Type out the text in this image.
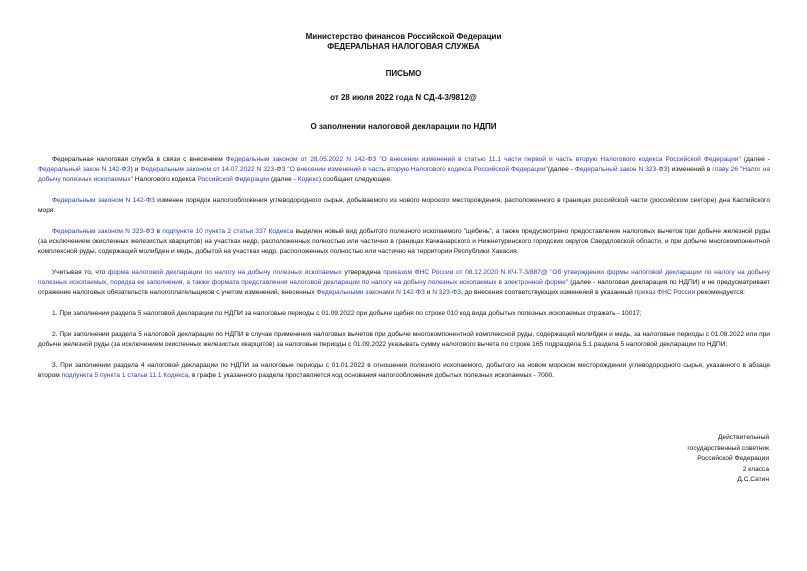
Министерство финансов Российской Федерации
ФЕДЕРАЛЬНАЯ НАЛОГОВАЯ СЛУЖБА
ПИСЬМО
от 28 июля 2022 года N СД-4-3/9812@
О заполнении налоговой декларации по НДПИ

Федеральная налоговая служба в связи с внесением Федеральным законом от 28.05.2022 N 142-ФЗ "О внесении изменений в статью 11.1 части первой и часть вторую Налогового кодекса Российской Федерации" (далее - Федеральный закон N 142-ФЗ) и Федеральным законом от 14.07.2022 N 323-ФЗ "О внесении изменений в часть вторую Налогового кодекса Российской Федерации"(далее - Федеральный закон N 323-ФЗ) изменений в главу 26 "Налог на добычу полезных ископаемых" Налогового кодекса Российской Федерации (далее - Кодекс) сообщает следующее.

Федеральным законом N 142-ФЗ изменен порядок налогообложения углеводородного сырья, добываемого из нового морского месторождения, расположенного в границах российской части (российском секторе) дна Каспийского моря.

Федеральным законом N 323-ФЗ в подпункте 10 пункта 2 статьи 337 Кодекса выделен новый вид добытого полезного ископаемого "щебень", а также предусмотрено предоставление налоговых вычетов при добыче железной руды (за исключением окисленных железистых кварцитов) на участках недр, расположенных полностью или частично в границах Качканарского и Нижнетуринского городских округов Свердловской области, и при добыче многокомпонентной комплексной руды, содержащей молибден и медь, добытой на участках недр, расположенных полностью или частично на территории Республики Хакасия.

Учитывая то, что форма налоговой декларации по налогу на добычу полезных ископаемых утверждена приказом ФНС России от 08.12.2020 N КЧ-7-3/887@ "Об утверждении формы налоговой декларации по налогу на добычу полезных ископаемых, порядка ее заполнения, а также формата представления налоговой декларации по налогу на добычу полезных ископаемых в электронной форме" (далее - налоговая декларация по НДПИ) и не предусматривает отражение налоговых обязательств налогоплательщиков с учетом изменений, внесенных Федеральными законами N 142-ФЗ и N 323-ФЗ, до внесения соответствующих изменений в указанный приказ ФНС России рекомендуется:

1. При заполнении раздела 5 налоговой декларации по НДПИ за налоговые периоды с 01.09.2022 при добыче щебня по строке 010 код вида добытых полезных ископаемых отражать - 10017;

2. При заполнении раздела 5 налоговой декларации по НДПИ в случае применения налоговых вычетов при добыче многокомпонентной комплексной руды, содержащей молибден и медь, за налоговые периоды с 01.08.2022 или при добыче железной руды (за исключением окисленных железистых кварцитов) за налоговые периоды с 01.09.2022 указывать сумму налогового вычета по строке 165 подраздела 5.1 раздела 5 налоговой декларации по НДПИ;

3. При заполнении раздела 4 налоговой декларации по НДПИ за налоговые периоды с 01.01.2022 в отношении полезного ископаемого, добытого на новом морском месторождении углеводородного сырья, указанного в абзаце втором подпункта 5 пункта 1 статьи 11.1 Кодекса, в графе 1 указанного раздела проставляется код основания налогообложения добытых полезных ископаемых - 7000.

Действительный
государственный советник
Российской Федерации
2 класса
Д.С.Сатин
